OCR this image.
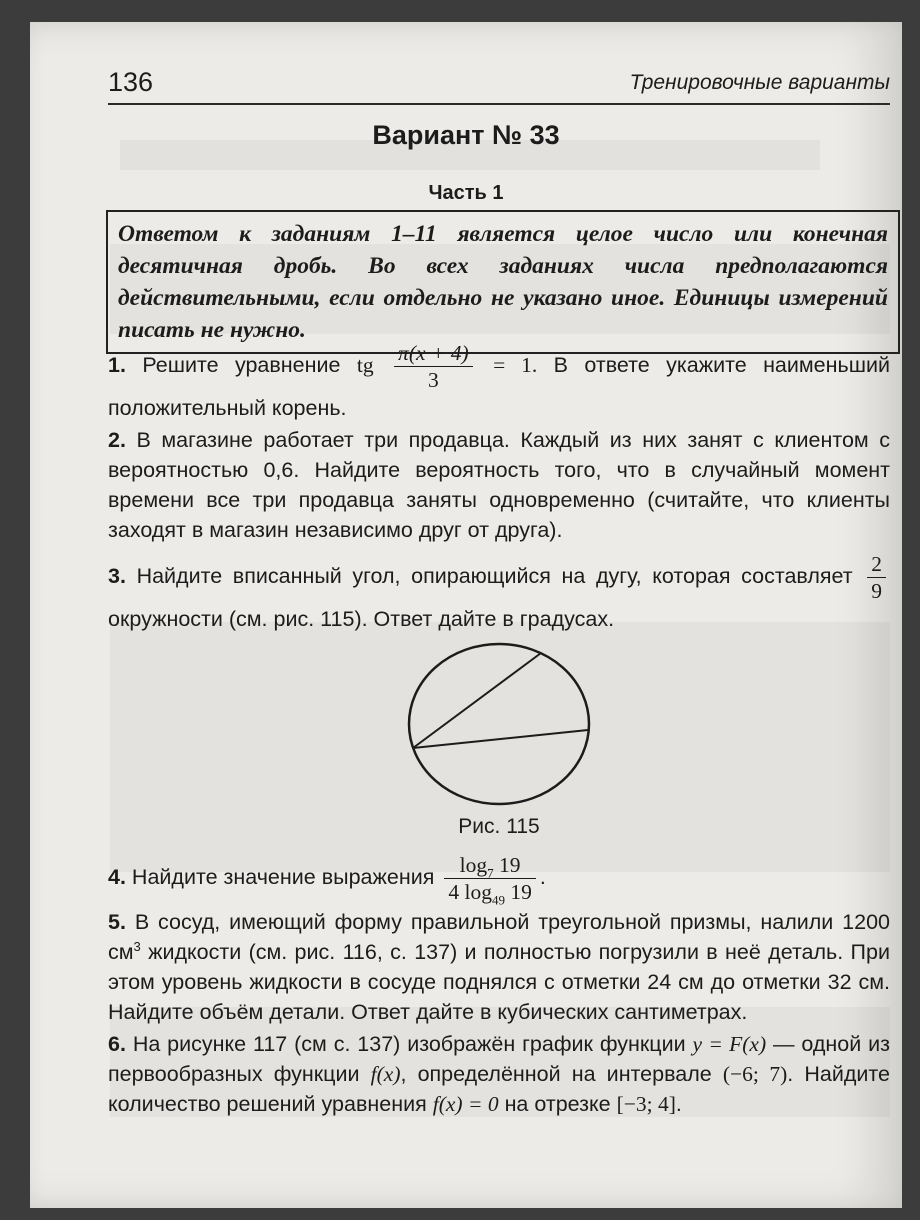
136	Тренировочные варианты
Вариант № 33
Часть 1
Ответом к заданиям 1–11 является целое число или конечная десятичная дробь. Во всех заданиях числа предполагаются действительными, если отдельно не указано иное. Единицы измерений писать не нужно.
1. Решите уравнение tg $\frac{\pi(x + 4)}{3} = 1$. В ответе укажите наименьший положительный корень.
2. В магазине работает три продавца. Каждый из них занят с клиентом с вероятностью 0,6. Найдите вероятность того, что в случайный момент времени все три продавца заняты одновременно (считайте, что клиенты заходят в магазин независимо друг от друга).
3. Найдите вписанный угол, опирающийся на дугу, которая составляет $\frac{2}{9}$
окружности (см. рис. 115). Ответ дайте в градусах.
Рис. 115
4. Найдите значение выражения $\frac{\log_7 19}{4 \log_{49} 19}$ .
5. В сосуд, имеющий форму правильной треугольной призмы, налили 1200 $см^3$ жидкости (см. рис. 116, с. 137) и полностью погрузили в неё деталь. При этом уровень жидкости в сосуде поднялся с отметки 24 см до отметки 32 см. Найдите объём детали. Ответ дайте в кубических сантиметрах.
6. На рисунке 117 (см с. 137) изображён график функции y = F(x) — одной из первообразных функции f(x), определённой на интервале (−6; 7). Найдите количество решений уравнения f(x) = 0 на отрезке [−3; 4].
